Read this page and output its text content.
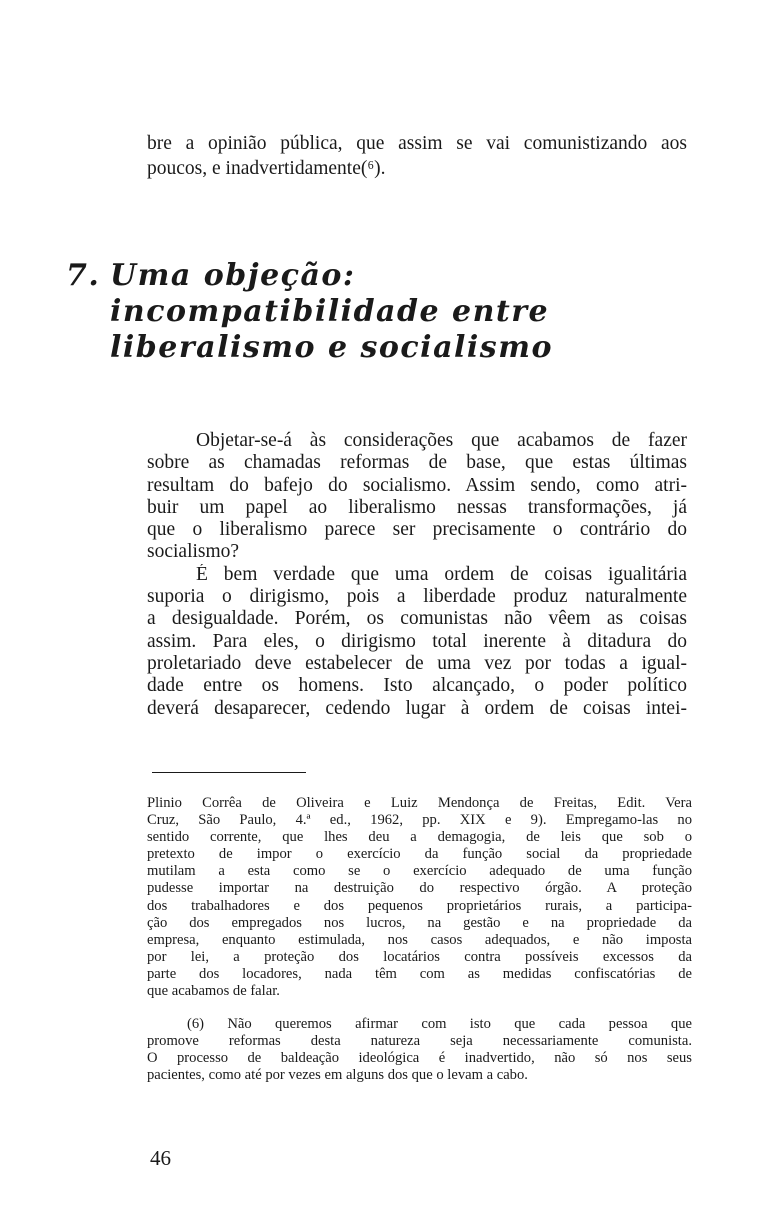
bre a opinião pública, que assim se vai comunistizando aos
poucos, e inadvertidamente(⁶).

7. Uma objeção:
incompatibilidade entre
liberalismo e socialismo

Objetar-se-á às considerações que acabamos de fazer
sobre as chamadas reformas de base, que estas últimas
resultam do bafejo do socialismo. Assim sendo, como atri-
buir um papel ao liberalismo nessas transformações, já
que o liberalismo parece ser precisamente o contrário do
socialismo?

É bem verdade que uma ordem de coisas igualitária
suporia o dirigismo, pois a liberdade produz naturalmente
a desigualdade. Porém, os comunistas não vêem as coisas
assim. Para eles, o dirigismo total inerente à ditadura do
proletariado deve estabelecer de uma vez por todas a igual-
dade entre os homens. Isto alcançado, o poder político
deverá desaparecer, cedendo lugar à ordem de coisas intei-

Plinio Corrêa de Oliveira e Luiz Mendonça de Freitas, Edit. Vera
Cruz, São Paulo, 4.ª ed., 1962, pp. XIX e 9). Empregamo-las no
sentido corrente, que lhes deu a demagogia, de leis que sob o
pretexto de impor o exercício da função social da propriedade
mutilam a esta como se o exercício adequado de uma função
pudesse importar na destruição do respectivo órgão. A proteção
dos trabalhadores e dos pequenos proprietários rurais, a participa-
ção dos empregados nos lucros, na gestão e na propriedade da
empresa, enquanto estimulada, nos casos adequados, e não imposta
por lei, a proteção dos locatários contra possíveis excessos da
parte dos locadores, nada têm com as medidas confiscatórias de
que acabamos de falar.
(6) Não queremos afirmar com isto que cada pessoa que
promove reformas desta natureza seja necessariamente comunista.
O processo de baldeação ideológica é inadvertido, não só nos seus
pacientes, como até por vezes em alguns dos que o levam a cabo.
46
